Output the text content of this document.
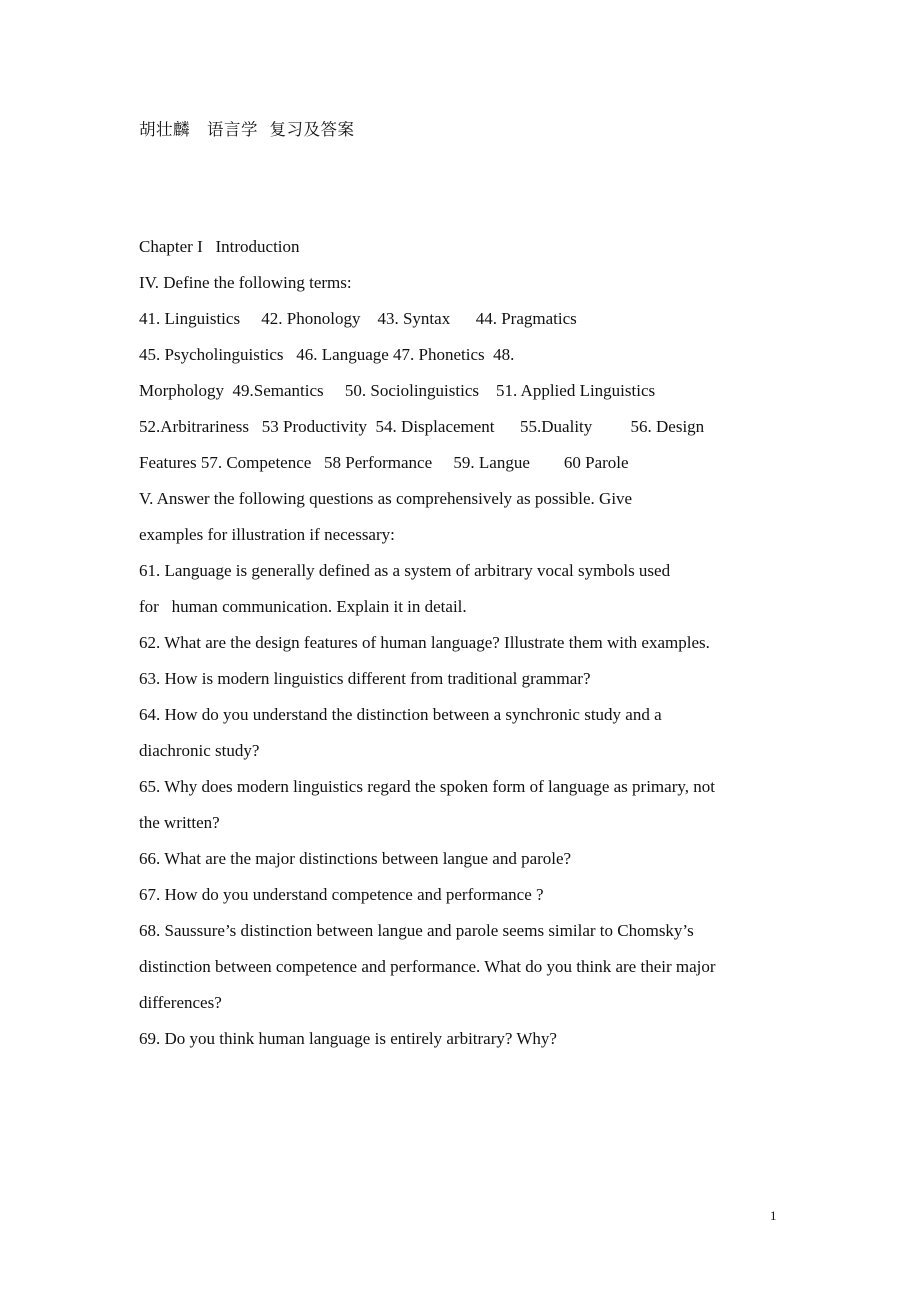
胡壮麟　语言学  复习及答案
Chapter I   Introduction
IV. Define the following terms:
41. Linguistics     42. Phonology    43. Syntax      44. Pragmatics
45. Psycholinguistics   46. Language 47. Phonetics  48.
Morphology  49.Semantics     50. Sociolinguistics    51. Applied Linguistics
52.Arbitrariness   53 Productivity  54. Displacement      55.Duality         56. Design
Features 57. Competence   58 Performance     59. Langue        60 Parole
V. Answer the following questions as comprehensively as possible. Give
examples for illustration if necessary:
61. Language is generally defined as a system of arbitrary vocal symbols used
for   human communication. Explain it in detail.
62. What are the design features of human language? Illustrate them with examples.
63. How is modern linguistics different from traditional grammar?
64. How do you understand the distinction between a synchronic study and a
diachronic study?
65. Why does modern linguistics regard the spoken form of language as primary, not
the written?
66. What are the major distinctions between langue and parole?
67. How do you understand competence and performance ?
68. Saussure’s distinction between langue and parole seems similar to Chomsky’s
distinction between competence and performance. What do you think are their major
differences?
69. Do you think human language is entirely arbitrary? Why?
1
